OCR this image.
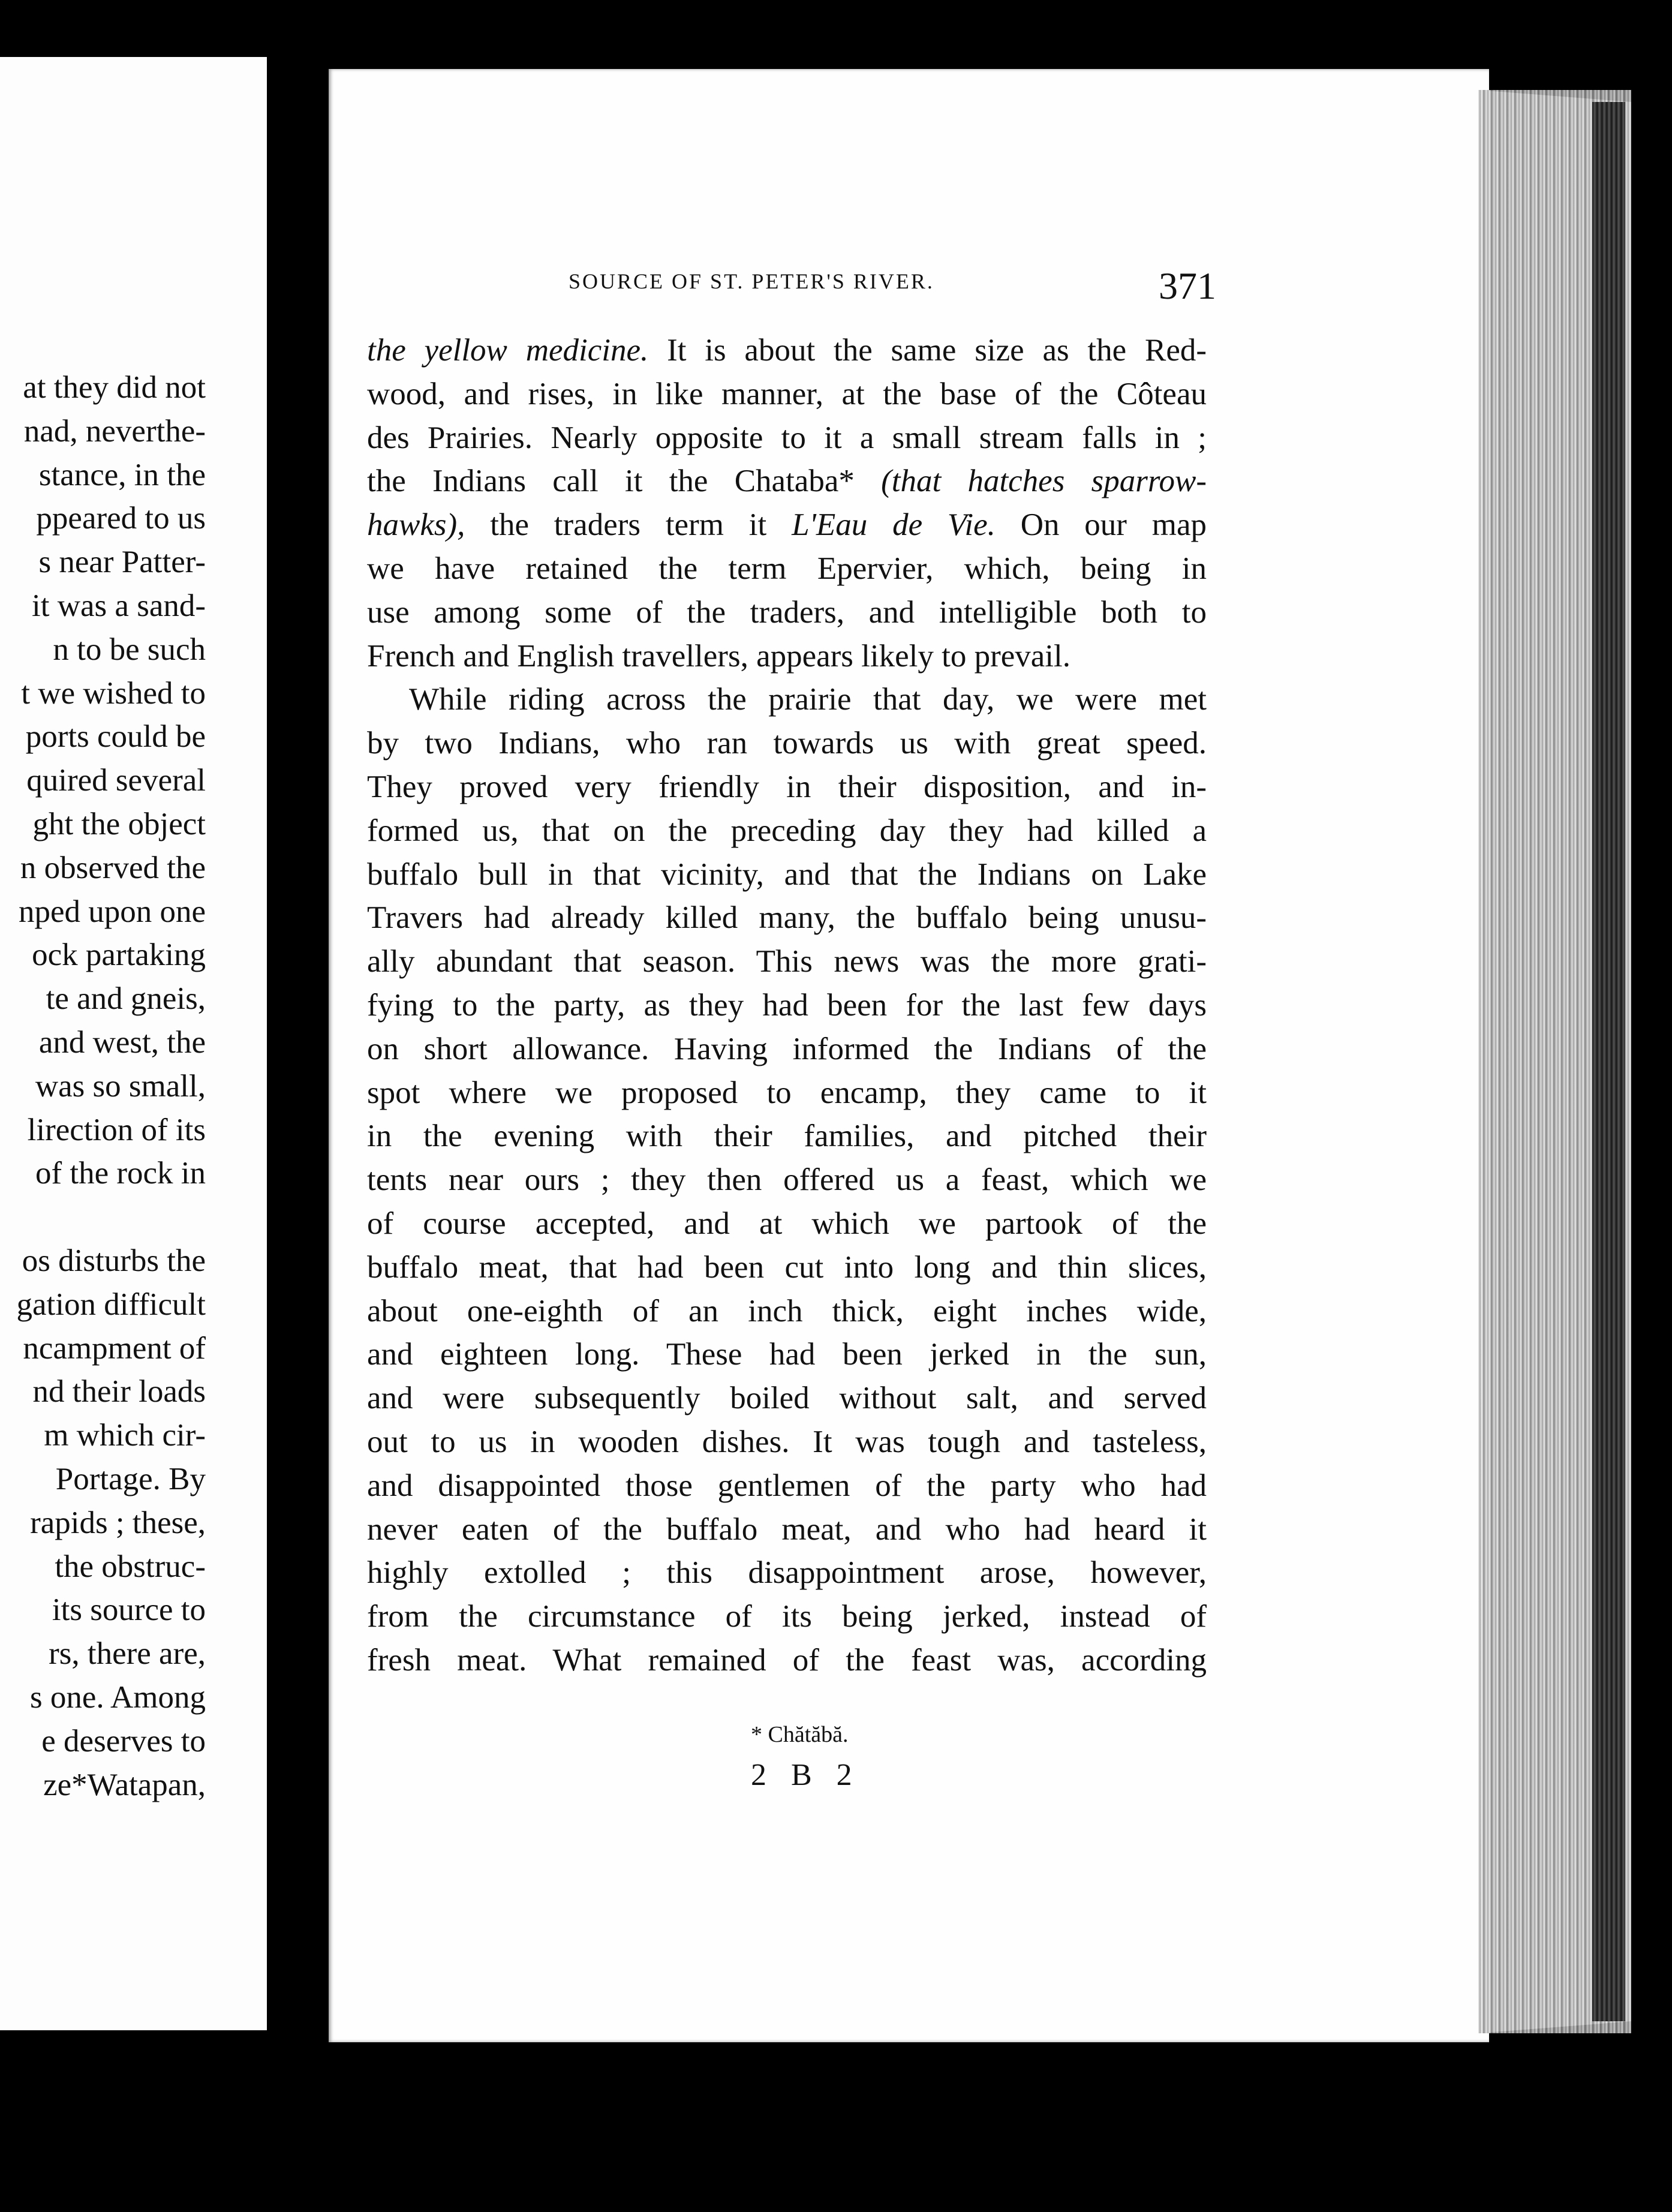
at they did not
nad, neverthe-
stance, in the
ppeared to us
s near Patter-
it was a sand-
n to be such
t we wished to
ports could be
quired several
ght the object
n observed the
nped upon one
ock partaking
te and gneis,
and west, the
was so small,
lirection of its
of the rock in
os disturbs the
gation difficult
ncampment of
nd their loads
m which cir-
Portage. By
rapids ; these,
the obstruc-
its source to
rs, there are,
s one. Among
e deserves to
ze*Watapan,
SOURCE OF ST. PETER'S RIVER.	371
the yellow medicine. It is about the same size as the Red-
wood, and rises, in like manner, at the base of the Côteau
des Prairies. Nearly opposite to it a small stream falls in ;
the Indians call it the Chataba* (that hatches sparrow-
hawks), the traders term it L'Eau de Vie. On our map
we have retained the term Epervier, which, being in
use among some of the traders, and intelligible both to
French and English travellers, appears likely to prevail.
While riding across the prairie that day, we were met
by two Indians, who ran towards us with great speed.
They proved very friendly in their disposition, and in-
formed us, that on the preceding day they had killed a
buffalo bull in that vicinity, and that the Indians on Lake
Travers had already killed many, the buffalo being unusu-
ally abundant that season. This news was the more grati-
fying to the party, as they had been for the last few days
on short allowance. Having informed the Indians of the
spot where we proposed to encamp, they came to it
in the evening with their families, and pitched their
tents near ours ; they then offered us a feast, which we
of course accepted, and at which we partook of the
buffalo meat, that had been cut into long and thin slices,
about one-eighth of an inch thick, eight inches wide,
and eighteen long. These had been jerked in the sun,
and were subsequently boiled without salt, and served
out to us in wooden dishes. It was tough and tasteless,
and disappointed those gentlemen of the party who had
never eaten of the buffalo meat, and who had heard it
highly extolled ; this disappointment arose, however,
from the circumstance of its being jerked, instead of
fresh meat. What remained of the feast was, according
* Chătăbă.
2 B 2
